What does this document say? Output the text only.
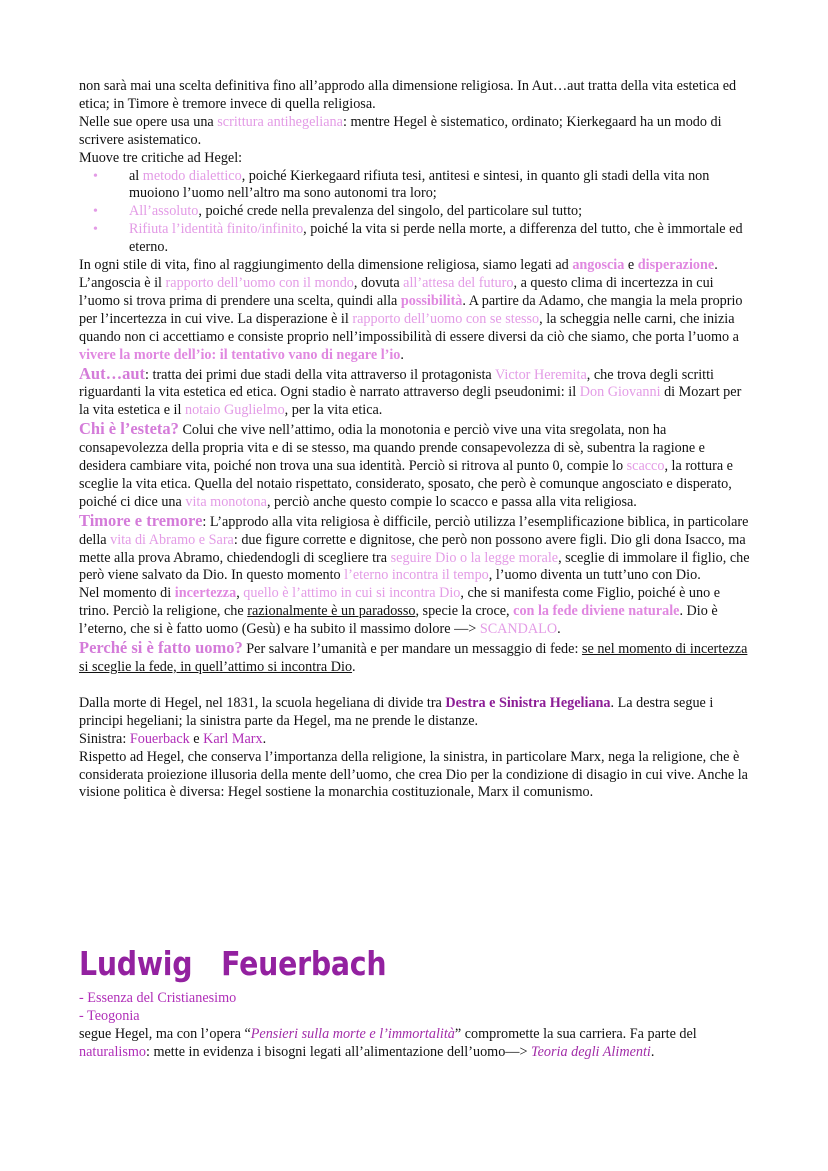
non sarà mai una scelta definitiva fino all’approdo alla dimensione religiosa. In Aut…aut tratta della vita estetica ed etica; in Timore è tremore invece di quella religiosa.

Nelle sue opere usa una scrittura antihegeliana: mentre Hegel è sistematico, ordinato; Kierkegaard ha un modo di scrivere asistematico.

Muove tre critiche ad Hegel:

• al metodo dialettico, poiché Kierkegaard rifiuta tesi, antitesi e sintesi, in quanto gli stadi della vita non muoiono l’uomo nell’altro ma sono autonomi tra loro;
• All’assoluto, poiché crede nella prevalenza del singolo, del particolare sul tutto;
• Rifiuta l’identità finito/infinito, poiché la vita si perde nella morte, a differenza del tutto, che è immortale ed eterno.

In ogni stile di vita, fino al raggiungimento della dimensione religiosa, siamo legati ad angoscia e disperazione. L’angoscia è il rapporto dell’uomo con il mondo, dovuta all’attesa del futuro, a questo clima di incertezza in cui l’uomo si trova prima di prendere una scelta, quindi alla possibilità. A partire da Adamo, che mangia la mela proprio per l’incertezza in cui vive. La disperazione è il rapporto dell’uomo con se stesso, la scheggia nelle carni, che inizia quando non ci accettiamo e consiste proprio nell’impossibilità di essere diversi da ciò che siamo, che porta l’uomo a vivere la morte dell’io: il tentativo vano di negare l’io.

Aut…aut: tratta dei primi due stadi della vita attraverso il protagonista Victor Heremita, che trova degli scritti riguardanti la vita estetica ed etica. Ogni stadio è narrato attraverso degli pseudonimi: il Don Giovanni di Mozart per la vita estetica e il notaio Guglielmo, per la vita etica.

Chi è l’esteta? Colui che vive nell’attimo, odia la monotonia e perciò vive una vita sregolata, non ha consapevolezza della propria vita e di se stesso, ma quando prende consapevolezza di sè, subentra la ragione e desidera cambiare vita, poiché non trova una sua identità. Perciò si ritrova al punto 0, compie lo scacco, la rottura e sceglie la vita etica. Quella del notaio rispettato, considerato, sposato, che però è comunque angosciato e disperato, poiché ci dice una vita monotona, perciò anche questo compie lo scacco e passa alla vita religiosa.

Timore e tremore: L’approdo alla vita religiosa è difficile, perciò utilizza l’esemplificazione biblica, in particolare della vita di Abramo e Sara: due figure corrette e dignitose, che però non possono avere figli. Dio gli dona Isacco, ma mette alla prova Abramo, chiedendogli di scegliere tra seguire Dio o la legge morale, sceglie di immolare il figlio, che però viene salvato da Dio. In questo momento l’eterno incontra il tempo, l’uomo diventa un tutt’uno con Dio.

Nel momento di incertezza, quello è l’attimo in cui si incontra Dio, che si manifesta come Figlio, poiché è uno e trino. Perciò la religione, che razionalmente è un paradosso, specie la croce, con la fede diviene naturale. Dio è l’eterno, che si è fatto uomo (Gesù) e ha subito il massimo dolore —> SCANDALO.

Perché si è fatto uomo? Per salvare l’umanità e per mandare un messaggio di fede: se nel momento di incertezza si sceglie la fede, in quell’attimo si incontra Dio.

Dalla morte di Hegel, nel 1831, la scuola hegeliana di divide tra Destra e Sinistra Hegeliana. La destra segue i principi hegeliani; la sinistra parte da Hegel, ma ne prende le distanze.

Sinistra: Fouerback e Karl Marx.

Rispetto ad Hegel, che conserva l’importanza della religione, la sinistra, in particolare Marx, nega la religione, che è considerata proiezione illusoria della mente dell’uomo, che crea Dio per la condizione di disagio in cui vive. Anche la visione politica è diversa: Hegel sostiene la monarchia costituzionale, Marx il comunismo.

Ludwig   Feuerbach

- Essenza del Cristianesimo

- Teogonia

segue Hegel, ma con l’opera “Pensieri sulla morte e l’immortalità” compromette la sua carriera. Fa parte del naturalismo: mette in evidenza i bisogni legati all’alimentazione dell’uomo—> Teoria degli Alimenti.
